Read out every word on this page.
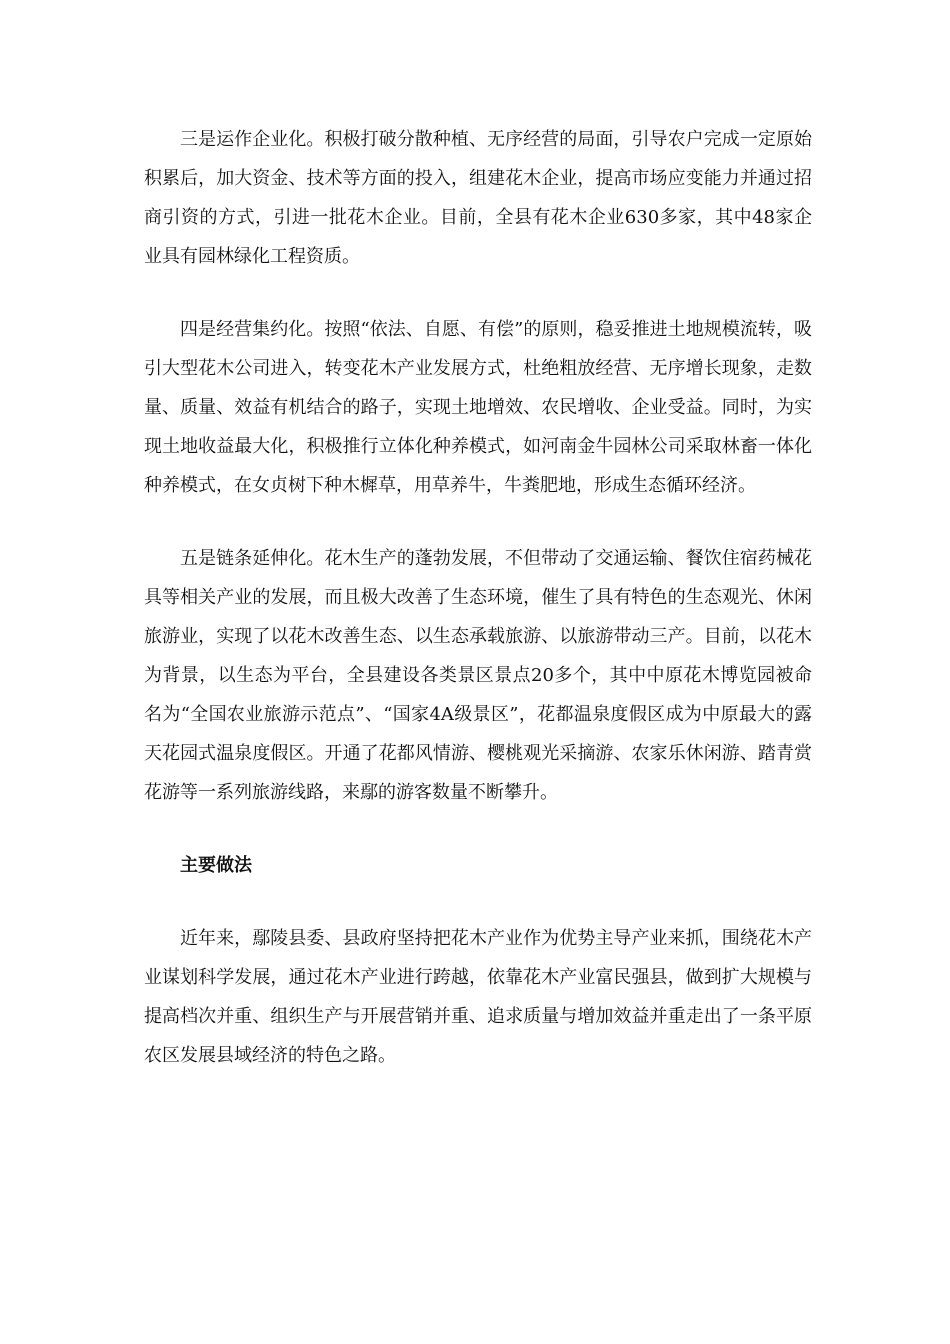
三是运作企业化。积极打破分散种植、无序经营的局面，引导农户完成一定原始积累后，加大资金、技术等方面的投入，组建花木企业，提高市场应变能力并通过招商引资的方式，引进一批花木企业。目前，全县有花木企业630多家，其中48家企业具有园林绿化工程资质。

四是经营集约化。按照“依法、自愿、有偿”的原则，稳妥推进土地规模流转，吸引大型花木公司进入，转变花木产业发展方式，杜绝粗放经营、无序增长现象，走数量、质量、效益有机结合的路子，实现土地增效、农民增收、企业受益。同时，为实现土地收益最大化，积极推行立体化种养模式，如河南金牛园林公司采取林畜一体化种养模式，在女贞树下种木樨草，用草养牛，牛粪肥地，形成生态循环经济。

五是链条延伸化。花木生产的蓬勃发展，不但带动了交通运输、餐饮住宿药械花具等相关产业的发展，而且极大改善了生态环境，催生了具有特色的生态观光、休闲旅游业，实现了以花木改善生态、以生态承载旅游、以旅游带动三产。目前，以花木为背景，以生态为平台，全县建设各类景区景点20多个，其中中原花木博览园被命名为“全国农业旅游示范点”、“国家4A级景区”，花都温泉度假区成为中原最大的露天花园式温泉度假区。开通了花都风情游、樱桃观光采摘游、农家乐休闲游、踏青赏花游等一系列旅游线路，来鄢的游客数量不断攀升。

主要做法

近年来，鄢陵县委、县政府坚持把花木产业作为优势主导产业来抓，围绕花木产业谋划科学发展，通过花木产业进行跨越，依靠花木产业富民强县，做到扩大规模与提高档次并重、组织生产与开展营销并重、追求质量与增加效益并重走出了一条平原农区发展县域经济的特色之路。
